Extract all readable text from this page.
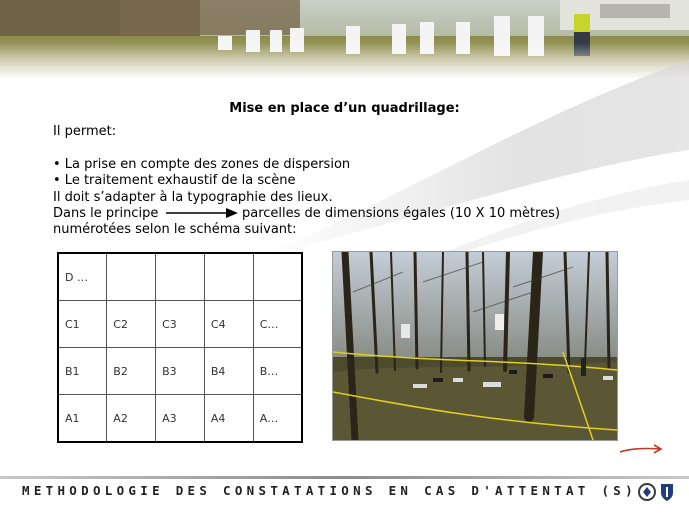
Mise en place d’un quadrillage:
Il permet:
• La prise en compte des zones de dispersion
• Le traitement exhaustif de la scène
Il doit s’adapter à la typographie des lieux.
Dans le principe	parcelles de dimensions égales (10 X 10 mètres)
numérotées selon le schéma suivant:
D …				
C1	C2	C3	C4	C…
B1	B2	B3	B4	B…
A1	A2	A3	A4	A…
METHODOLOGIE DES CONSTATATIONS EN CAS D'ATTENTAT (S)
